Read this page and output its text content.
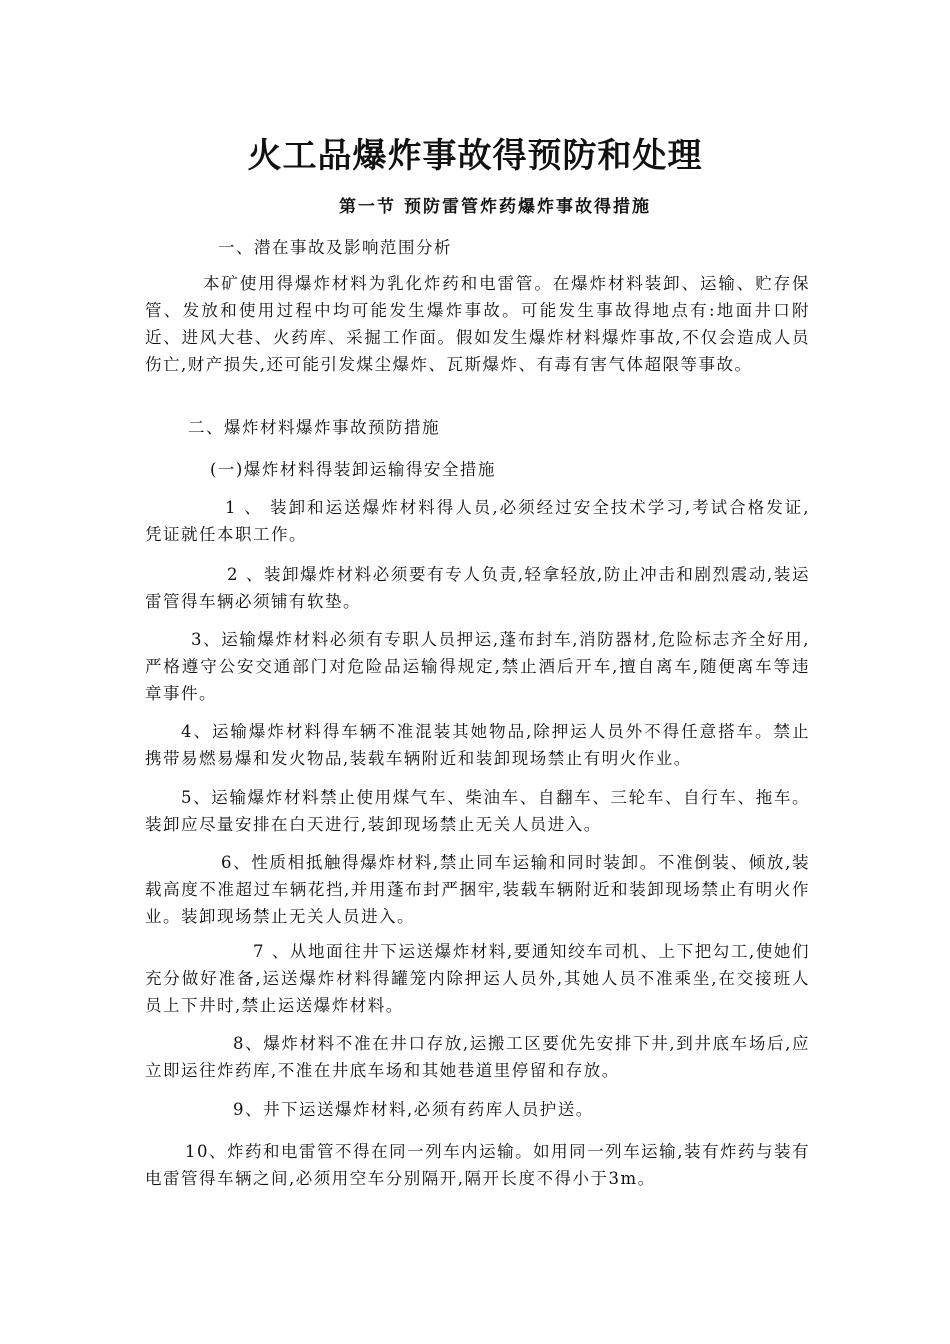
火工品爆炸事故得预防和处理
第一节 预防雷管炸药爆炸事故得措施
一、潜在事故及影响范围分析
本矿使用得爆炸材料为乳化炸药和电雷管。在爆炸材料装卸、运输、贮存保管、发放和使用过程中均可能发生爆炸事故。可能发生事故得地点有:地面井口附近、进风大巷、火药库、采掘工作面。假如发生爆炸材料爆炸事故,不仅会造成人员伤亡,财产损失,还可能引发煤尘爆炸、瓦斯爆炸、有毒有害气体超限等事故。
二、爆炸材料爆炸事故预防措施
(一)爆炸材料得装卸运输得安全措施
1 、 装卸和运送爆炸材料得人员,必须经过安全技术学习,考试合格发证,凭证就任本职工作。
2 、装卸爆炸材料必须要有专人负责,轻拿轻放,防止冲击和剧烈震动,装运雷管得车辆必须铺有软垫。
3、运输爆炸材料必须有专职人员押运,蓬布封车,消防器材,危险标志齐全好用,严格遵守公安交通部门对危险品运输得规定,禁止酒后开车,擅自离车,随便离车等违章事件。
4、运输爆炸材料得车辆不准混装其她物品,除押运人员外不得任意搭车。禁止携带易燃易爆和发火物品,装载车辆附近和装卸现场禁止有明火作业。
5、运输爆炸材料禁止使用煤气车、柴油车、自翻车、三轮车、自行车、拖车。装卸应尽量安排在白天进行,装卸现场禁止无关人员进入。
6、性质相抵触得爆炸材料,禁止同车运输和同时装卸。不准倒装、倾放,装载高度不准超过车辆花挡,并用蓬布封严捆牢,装载车辆附近和装卸现场禁止有明火作业。装卸现场禁止无关人员进入。
7 、从地面往井下运送爆炸材料,要通知绞车司机、上下把勾工,使她们充分做好准备,运送爆炸材料得罐笼内除押运人员外,其她人员不准乘坐,在交接班人员上下井时,禁止运送爆炸材料。
8、爆炸材料不准在井口存放,运搬工区要优先安排下井,到井底车场后,应立即运往炸药库,不准在井底车场和其她巷道里停留和存放。
9、井下运送爆炸材料,必须有药库人员护送。
10、炸药和电雷管不得在同一列车内运输。如用同一列车运输,装有炸药与装有电雷管得车辆之间,必须用空车分别隔开,隔开长度不得小于3m。
